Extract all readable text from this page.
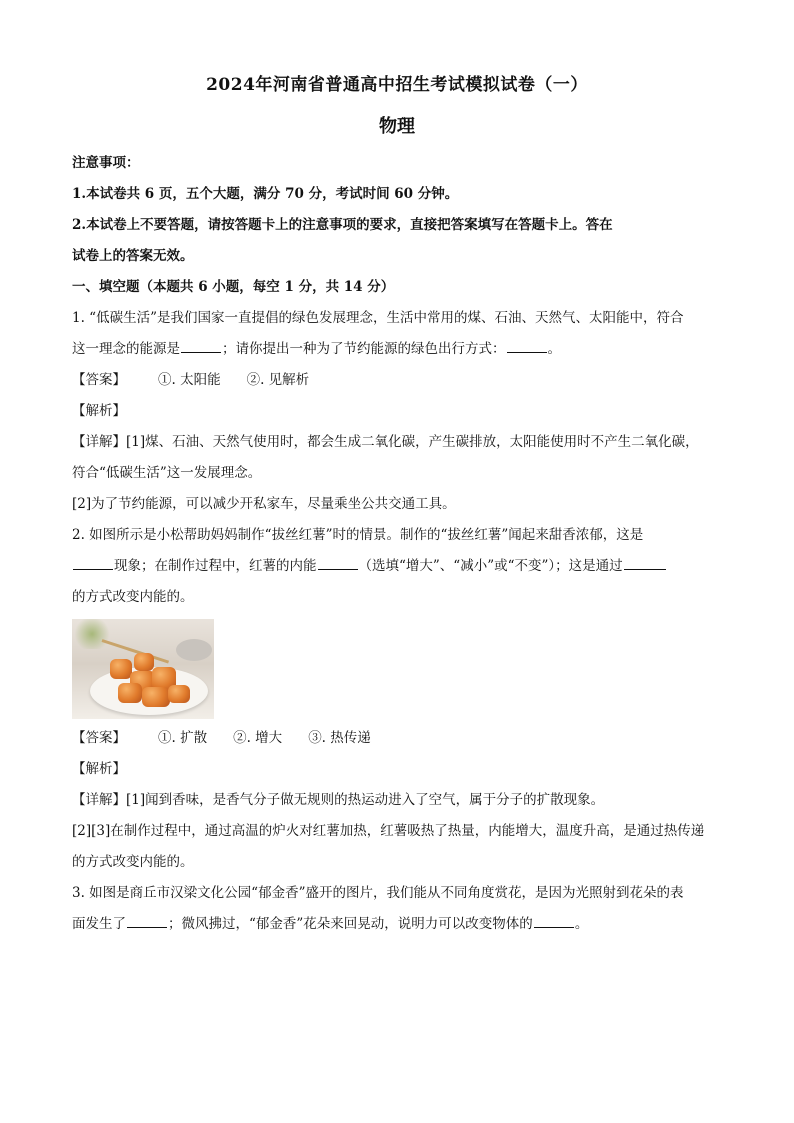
2024年河南省普通高中招生考试模拟试卷（一）
物理
注意事项：
1.本试卷共 6 页，五个大题，满分 70 分，考试时间 60 分钟。
2.本试卷上不要答题，请按答题卡上的注意事项的要求，直接把答案填写在答题卡上。答在
试卷上的答案无效。
一、填空题（本题共 6 小题，每空 1 分，共 14 分）
1. “低碳生活”是我们国家一直提倡的绿色发展理念，生活中常用的煤、石油、天然气、太阳能中，符合
这一理念的能源是	；请你提出一种为了节约能源的绿色出行方式：	。
【答案】 ①. 太阳能 ②. 见解析
【解析】
【详解】[1]煤、石油、天然气使用时，都会生成二氧化碳，产生碳排放，太阳能使用时不产生二氧化碳，
符合“低碳生活”这一发展理念。
[2]为了节约能源，可以减少开私家车，尽量乘坐公共交通工具。
2. 如图所示是小松帮助妈妈制作“拔丝红薯”时的情景。制作的“拔丝红薯”闻起来甜香浓郁，这是
现象；在制作过程中，红薯的内能	（选填“增大”、“减小”或“不变”）；这是通过
的方式改变内能的。
【答案】 ①. 扩散 ②. 增大 ③. 热传递
【解析】
【详解】[1]闻到香味，是香气分子做无规则的热运动进入了空气，属于分子的扩散现象。
[2][3]在制作过程中，通过高温的炉火对红薯加热，红薯吸热了热量，内能增大，温度升高，是通过热传递
的方式改变内能的。
3. 如图是商丘市汉梁文化公园“郁金香”盛开的图片，我们能从不同角度赏花，是因为光照射到花朵的表
面发生了	；微风拂过，“郁金香”花朵来回晃动，说明力可以改变物体的	。
